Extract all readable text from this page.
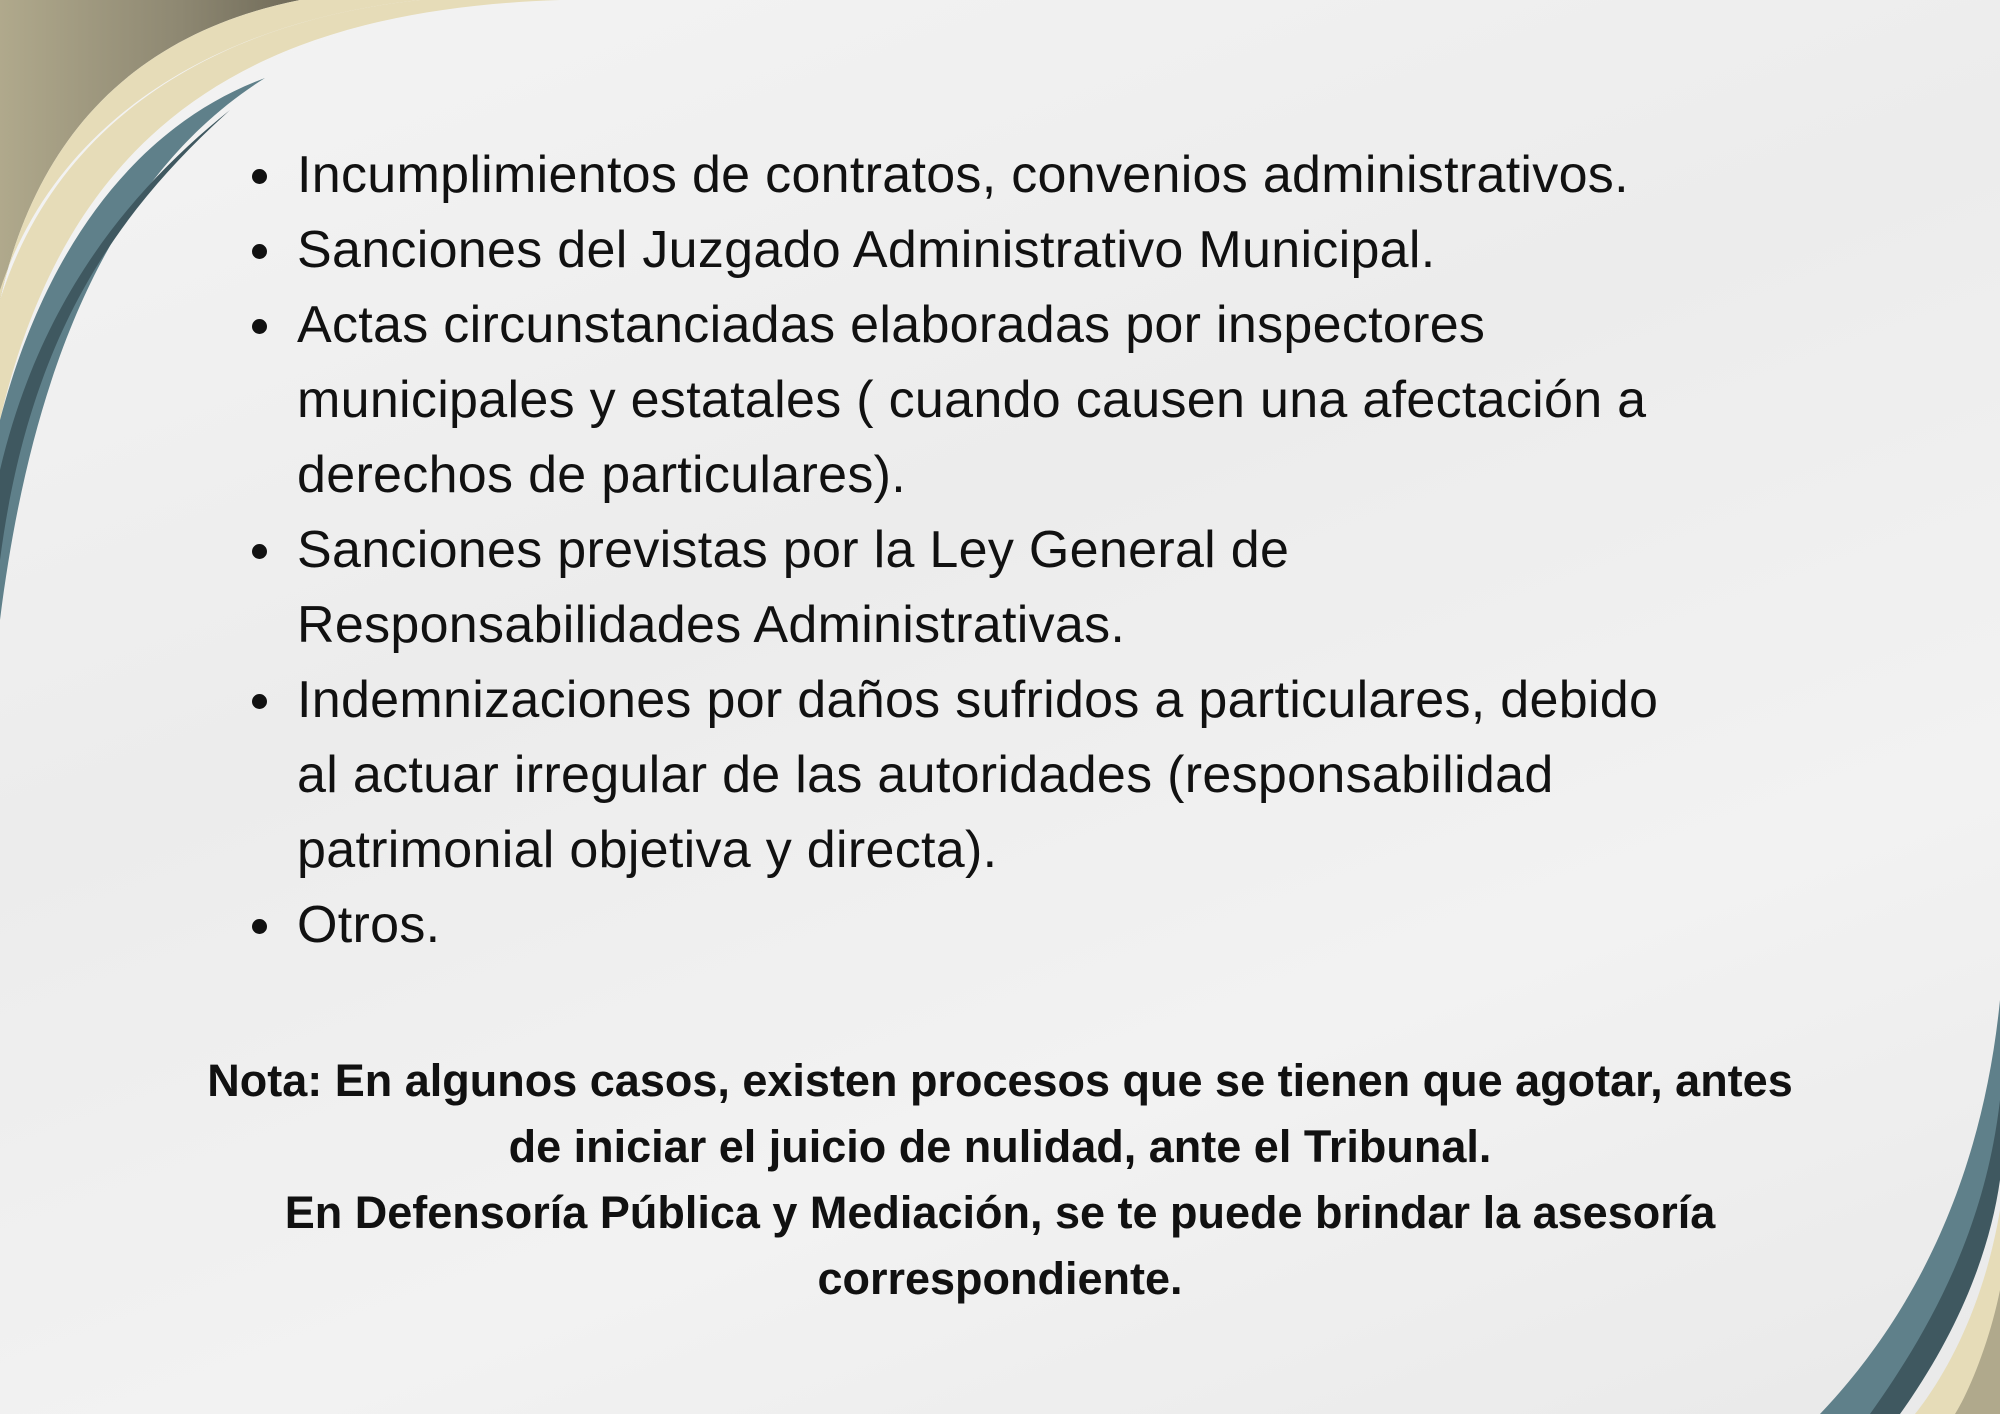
Incumplimientos de contratos, convenios administrativos.
Sanciones del Juzgado Administrativo Municipal.
Actas circunstanciadas elaboradas por inspectores
municipales y estatales ( cuando causen una afectación a
derechos de particulares).
Sanciones previstas por la Ley General de
Responsabilidades Administrativas.
Indemnizaciones por daños sufridos a particulares, debido
al actuar irregular de las autoridades (responsabilidad
patrimonial objetiva y directa).
Otros.
Nota: En algunos casos, existen procesos que se tienen que agotar, antes
de iniciar el juicio de nulidad, ante el Tribunal.
En Defensoría Pública y Mediación, se te puede brindar la asesoría
correspondiente.
